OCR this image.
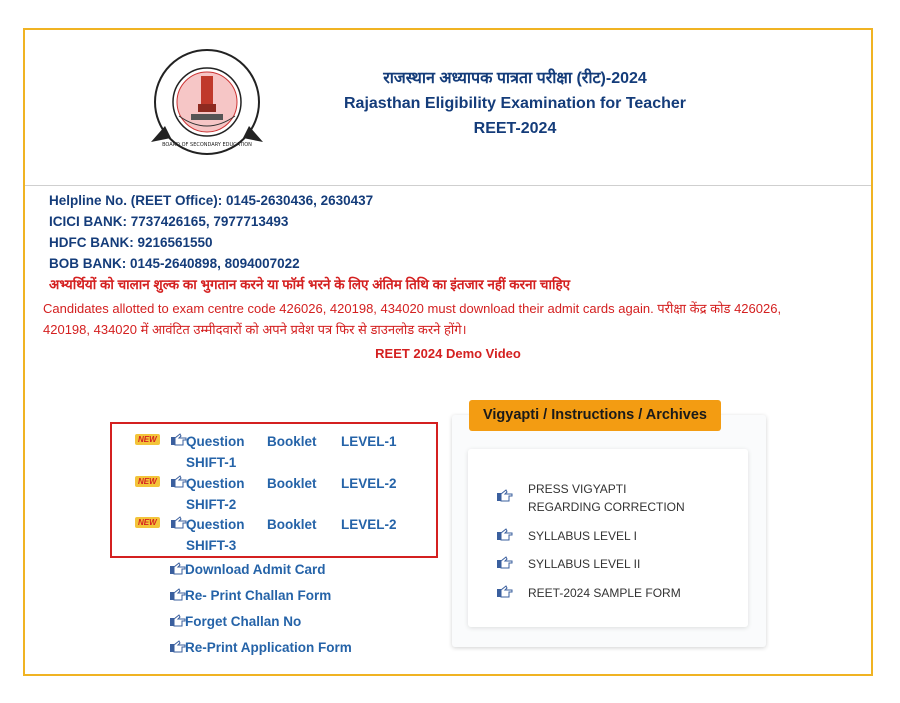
BOARD OF SECONDARY EDUCATION
राजस्थान अध्यापक पात्रता परीक्षा (रीट)-2024
Rajasthan Eligibility Examination for Teacher
REET-2024
Helpline No. (REET Office): 0145-2630436, 2630437
ICICI BANK: 7737426165, 7977713493
HDFC BANK: 9216561550
BOB BANK: 0145-2640898, 8094007022
अभ्यर्थियों को चालान शुल्क का भुगतान करने या फॉर्म भरने के लिए अंतिम तिथि का इंतजार नहीं करना चाहिए
Candidates allotted to exam centre code 426026, 420198, 434020 must download their admit cards again. परीक्षा केंद्र कोड 426026,
420198, 434020 में आवंटित उम्मीदवारों को अपने प्रवेश पत्र फिर से डाउनलोड करने होंगे।
REET 2024 Demo Video
NEW Question Booklet LEVEL-1
SHIFT-1
NEW Question Booklet LEVEL-2
SHIFT-2
NEW Question Booklet LEVEL-2
SHIFT-3
Download Admit Card
Re- Print Challan Form
Forget Challan No
Re-Print Application Form
Vigyapti / Instructions / Archives
PRESS VIGYAPTI
REGARDING CORRECTION
SYLLABUS LEVEL I
SYLLABUS LEVEL II
REET-2024 SAMPLE FORM
